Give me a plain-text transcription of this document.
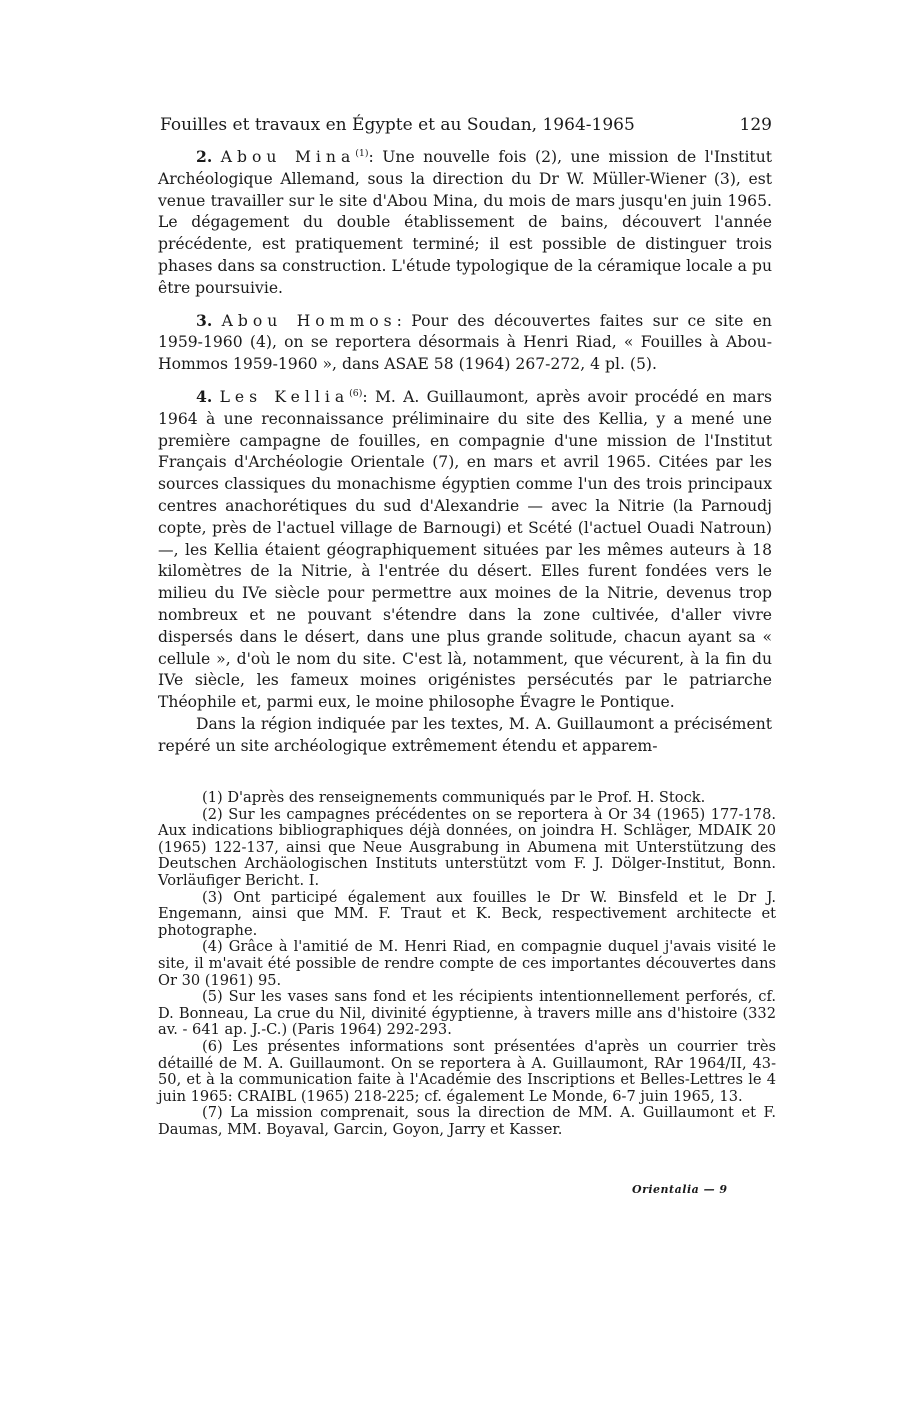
Fouilles et travaux en Égypte et au Soudan, 1964-1965	129

2. Abou Mina$^{(1)}$: Une nouvelle fois (2), une mission de l'Institut Archéologique Allemand, sous la direction du Dr W. Müller-Wiener (3), est venue travailler sur le site d'Abou Mina, du mois de mars jusqu'en juin 1965. Le dégagement du double établissement de bains, découvert l'année précédente, est pratiquement terminé; il est possible de distinguer trois phases dans sa construction. L'étude typologique de la céramique locale a pu être poursuivie.

3. Abou Hommos: Pour des découvertes faites sur ce site en 1959-1960 (4), on se reportera désormais à Henri Riad, « Fouilles à Abou-Hommos 1959-1960 », dans ASAE 58 (1964) 267-272, 4 pl. (5).

4. Les Kellia$^{(6)}$: M. A. Guillaumont, après avoir procédé en mars 1964 à une reconnaissance préliminaire du site des Kellia, y a mené une première campagne de fouilles, en compagnie d'une mission de l'Institut Français d'Archéologie Orientale (7), en mars et avril 1965. Citées par les sources classiques du monachisme égyptien comme l'un des trois principaux centres anachorétiques du sud d'Alexandrie — avec la Nitrie (la Parnoudj copte, près de l'actuel village de Barnougi) et Scété (l'actuel Ouadi Natroun) —, les Kellia étaient géographiquement situées par les mêmes auteurs à 18 kilomètres de la Nitrie, à l'entrée du désert. Elles furent fondées vers le milieu du IVe siècle pour permettre aux moines de la Nitrie, devenus trop nombreux et ne pouvant s'étendre dans la zone cultivée, d'aller vivre dispersés dans le désert, dans une plus grande solitude, chacun ayant sa « cellule », d'où le nom du site. C'est là, notamment, que vécurent, à la fin du IVe siècle, les fameux moines origénistes persécutés par le patriarche Théophile et, parmi eux, le moine philosophe Évagre le Pontique.

Dans la région indiquée par les textes, M. A. Guillaumont a précisément repéré un site archéologique extrêmement étendu et apparem-

(1) D'après des renseignements communiqués par le Prof. H. Stock.

(2) Sur les campagnes précédentes on se reportera à Or 34 (1965) 177-178. Aux indications bibliographiques déjà données, on joindra H. Schläger, MDAIK 20 (1965) 122-137, ainsi que Neue Ausgrabung in Abumena mit Unterstützung des Deutschen Archäologischen Instituts unterstützt vom F. J. Dölger-Institut, Bonn. Vorläufiger Bericht. I.

(3) Ont participé également aux fouilles le Dr W. Binsfeld et le Dr J. Engemann, ainsi que MM. F. Traut et K. Beck, respectivement architecte et photographe.

(4) Grâce à l'amitié de M. Henri Riad, en compagnie duquel j'avais visité le site, il m'avait été possible de rendre compte de ces importantes découvertes dans Or 30 (1961) 95.

(5) Sur les vases sans fond et les récipients intentionnellement perforés, cf. D. Bonneau, La crue du Nil, divinité égyptienne, à travers mille ans d'histoire (332 av. - 641 ap. J.-C.) (Paris 1964) 292-293.

(6) Les présentes informations sont présentées d'après un courrier très détaillé de M. A. Guillaumont. On se reportera à A. Guillaumont, RAr 1964/II, 43-50, et à la communication faite à l'Académie des Inscriptions et Belles-Lettres le 4 juin 1965: CRAIBL (1965) 218-225; cf. également Le Monde, 6-7 juin 1965, 13.

(7) La mission comprenait, sous la direction de MM. A. Guillaumont et F. Daumas, MM. Boyaval, Garcin, Goyon, Jarry et Kasser.

Orientalia — 9
